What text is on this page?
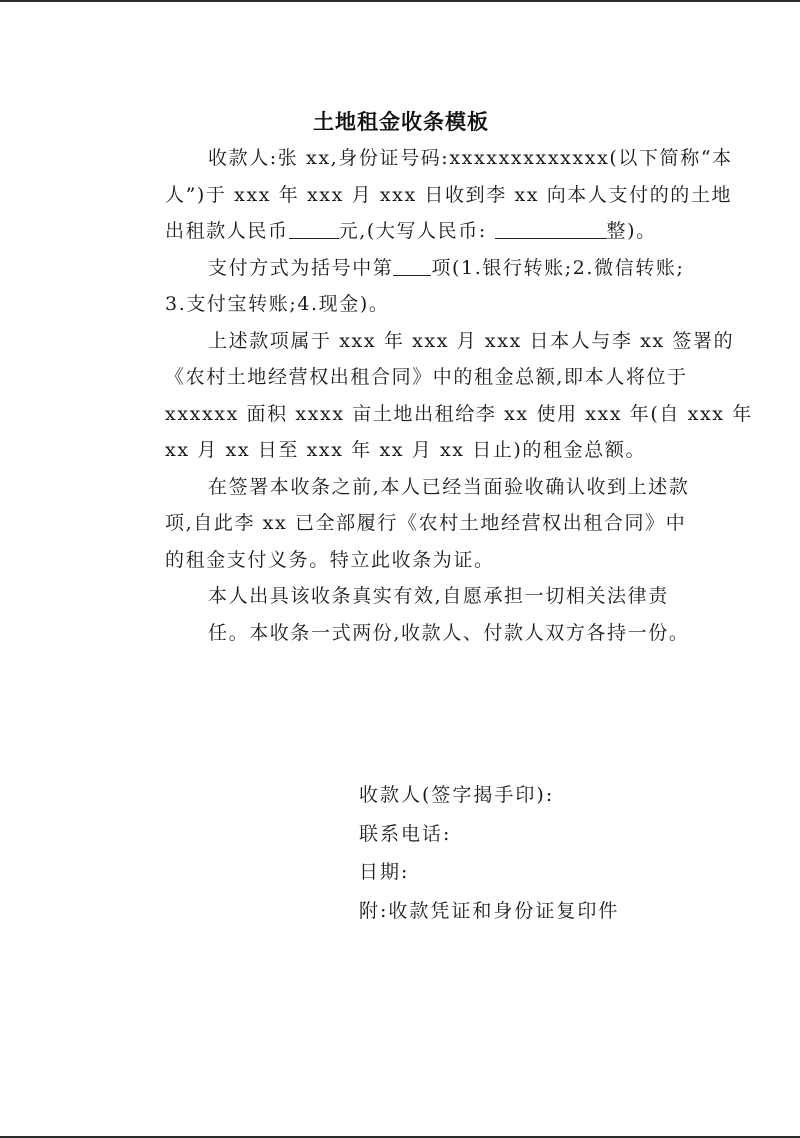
土地租金收条模板
收款人:张 xx,身份证号码:xxxxxxxxxxxxx(以下简称“本
人”)于 xxx 年 xxx 月 xxx 日收到李 xx 向本人支付的的土地
出租款人民币	元,(大写人民币:	整)。
支付方式为括号中第 项(1.银行转账;2.微信转账;
3.支付宝转账;4.现金)。
上述款项属于 xxx 年 xxx 月 xxx 日本人与李 xx 签署的
《农村土地经营权出租合同》中的租金总额,即本人将位于
xxxxxx 面积 xxxx 亩土地出租给李 xx 使用 xxx 年(自 xxx 年
xx 月 xx 日至 xxx 年 xx 月 xx 日止)的租金总额。
在签署本收条之前,本人已经当面验收确认收到上述款
项,自此李 xx 已全部履行《农村土地经营权出租合同》中
的租金支付义务。特立此收条为证。
本人出具该收条真实有效,自愿承担一切相关法律责
任。本收条一式两份,收款人、付款人双方各持一份。
收款人(签字揭手印):
联系电话:
日期:
附:收款凭证和身份证复印件
